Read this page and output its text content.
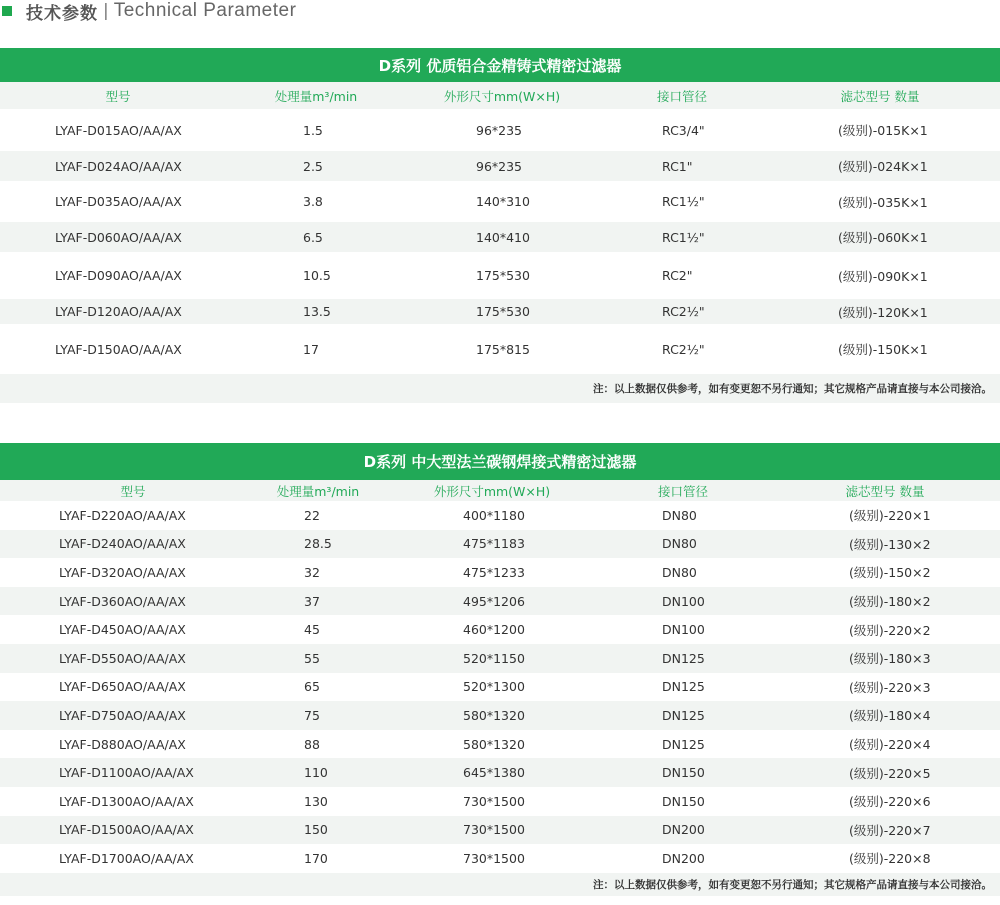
技术参数 | Technical Parameter
D系列 优质铝合金精铸式精密过滤器
型号	处理量m³/min	外形尺寸mm(W×H)	接口管径	滤芯型号 数量
LYAF-D015AO/AA/AX	1.5	96*235	RC3/4"	(级别)-015K×1
LYAF-D024AO/AA/AX	2.5	96*235	RC1"	(级别)-024K×1
LYAF-D035AO/AA/AX	3.8	140*310	RC1½"	(级别)-035K×1
LYAF-D060AO/AA/AX	6.5	140*410	RC1½"	(级别)-060K×1
LYAF-D090AO/AA/AX	10.5	175*530	RC2"	(级别)-090K×1
LYAF-D120AO/AA/AX	13.5	175*530	RC2½"	(级别)-120K×1
LYAF-D150AO/AA/AX	17	175*815	RC2½"	(级别)-150K×1
注：以上数据仅供参考，如有变更恕不另行通知；其它规格产品请直接与本公司接洽。
D系列 中大型法兰碳钢焊接式精密过滤器
型号	处理量m³/min	外形尺寸mm(W×H)	接口管径	滤芯型号 数量
LYAF-D220AO/AA/AX	22	400*1180	DN80	(级别)-220×1
LYAF-D240AO/AA/AX	28.5	475*1183	DN80	(级别)-130×2
LYAF-D320AO/AA/AX	32	475*1233	DN80	(级别)-150×2
LYAF-D360AO/AA/AX	37	495*1206	DN100	(级别)-180×2
LYAF-D450AO/AA/AX	45	460*1200	DN100	(级别)-220×2
LYAF-D550AO/AA/AX	55	520*1150	DN125	(级别)-180×3
LYAF-D650AO/AA/AX	65	520*1300	DN125	(级别)-220×3
LYAF-D750AO/AA/AX	75	580*1320	DN125	(级别)-180×4
LYAF-D880AO/AA/AX	88	580*1320	DN125	(级别)-220×4
LYAF-D1100AO/AA/AX	110	645*1380	DN150	(级别)-220×5
LYAF-D1300AO/AA/AX	130	730*1500	DN150	(级别)-220×6
LYAF-D1500AO/AA/AX	150	730*1500	DN200	(级别)-220×7
LYAF-D1700AO/AA/AX	170	730*1500	DN200	(级别)-220×8
注：以上数据仅供参考，如有变更恕不另行通知；其它规格产品请直接与本公司接洽。
